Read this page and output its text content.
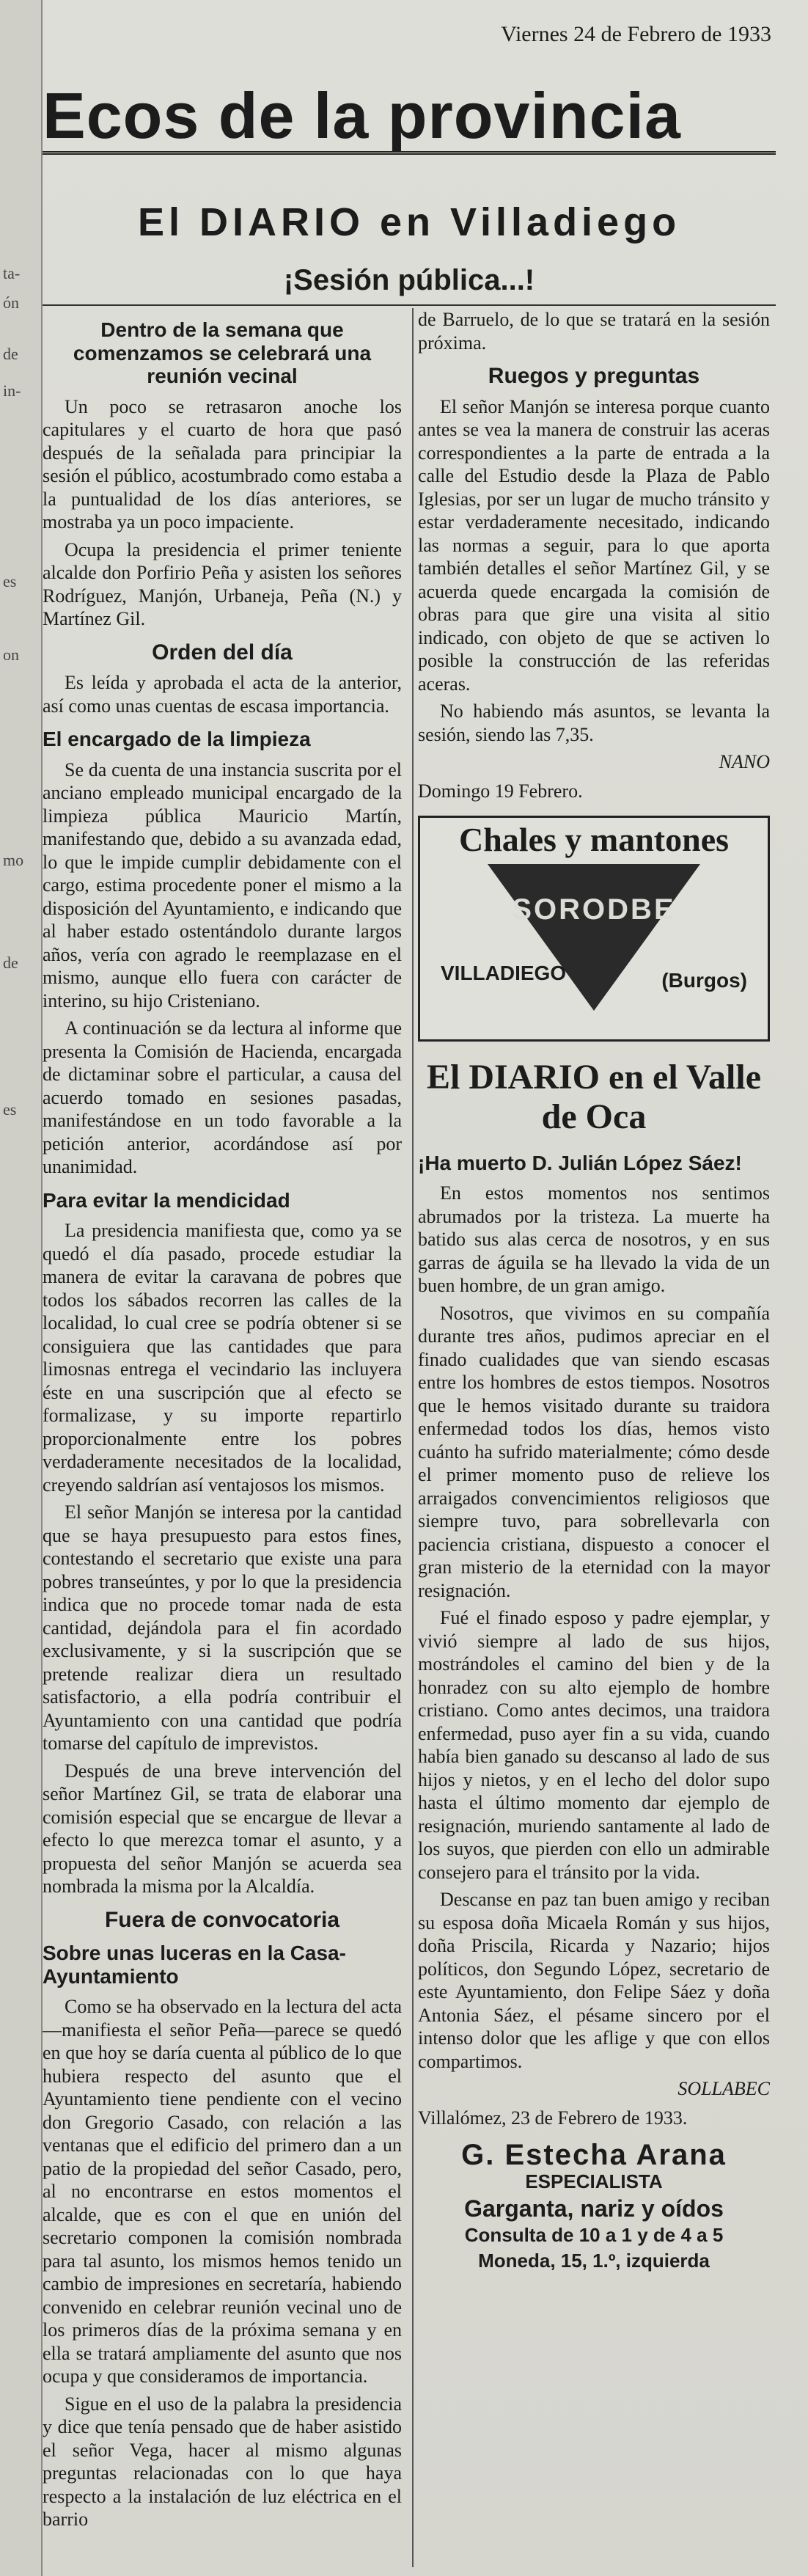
ta-
ón
de
in-
es
on
mo
de
es
Viernes 24 de Febrero de 1933
Ecos de la provincia
El DIARIO en Villadiego
¡Sesión pública...!
Dentro de la semana que comenzamos se celebrará una reunión vecinal

Un poco se retrasaron anoche los capitulares y el cuarto de hora que pasó después de la señalada para principiar la sesión el público, acostumbrado como estaba a la puntualidad de los días anteriores, se mostraba ya un poco impaciente.

Ocupa la presidencia el primer teniente alcalde don Porfirio Peña y asisten los señores Rodríguez, Manjón, Urbaneja, Peña (N.) y Martínez Gil.

Orden del día

Es leída y aprobada el acta de la anterior, así como unas cuentas de escasa importancia.

El encargado de la limpieza

Se da cuenta de una instancia suscrita por el anciano empleado municipal encargado de la limpieza pública Mauricio Martín, manifestando que, debido a su avanzada edad, lo que le impide cumplir debidamente con el cargo, estima procedente poner el mismo a la disposición del Ayuntamiento, e indicando que al haber estado ostentándolo durante largos años, vería con agrado le reemplazase en el mismo, aunque ello fuera con carácter de interino, su hijo Cristeniano.

A continuación se da lectura al informe que presenta la Comisión de Hacienda, encargada de dictaminar sobre el particular, a causa del acuerdo tomado en sesiones pasadas, manifestándose en un todo favorable a la petición anterior, acordándose así por unanimidad.

Para evitar la mendicidad

La presidencia manifiesta que, como ya se quedó el día pasado, procede estudiar la manera de evitar la caravana de pobres que todos los sábados recorren las calles de la localidad, lo cual cree se podría obtener si se consiguiera que las cantidades que para limosnas entrega el vecindario las incluyera éste en una suscripción que al efecto se formalizase, y su importe repartirlo proporcionalmente entre los pobres verdaderamente necesitados de la localidad, creyendo saldrían así ventajosos los mismos.

El señor Manjón se interesa por la cantidad que se haya presupuesto para estos fines, contestando el secretario que existe una para pobres transeúntes, y por lo que la presidencia indica que no procede tomar nada de esta cantidad, dejándola para el fin acordado exclusivamente, y si la suscripción que se pretende realizar diera un resultado satisfactorio, a ella podría contribuir el Ayuntamiento con una cantidad que podría tomarse del capítulo de imprevistos.

Después de una breve intervención del señor Martínez Gil, se trata de elaborar una comisión especial que se encargue de llevar a efecto lo que merezca tomar el asunto, y a propuesta del señor Manjón se acuerda sea nombrada la misma por la Alcaldía.

Fuera de convocatoria
Sobre unas luceras en la Casa-Ayuntamiento

Como se ha observado en la lectura del acta—manifiesta el señor Peña—parece se quedó en que hoy se daría cuenta al público de lo que hubiera respecto del asunto que el Ayuntamiento tiene pendiente con el vecino don Gregorio Casado, con relación a las ventanas que el edificio del primero dan a un patio de la propiedad del señor Casado, pero, al no encontrarse en estos momentos el alcalde, que es con el que en unión del secretario componen la comisión nombrada para tal asunto, los mismos hemos tenido un cambio de impresiones en secretaría, habiendo convenido en celebrar reunión vecinal uno de los primeros días de la próxima semana y en ella se tratará ampliamente del asunto que nos ocupa y que consideramos de importancia.

Sigue en el uso de la palabra la presidencia y dice que tenía pensado que de haber asistido el señor Vega, hacer al mismo algunas preguntas relacionadas con lo que haya respecto a la instalación de luz eléctrica en el barrio

de Barruelo, de lo que se tratará en la sesión próxima.

Ruegos y preguntas

El señor Manjón se interesa porque cuanto antes se vea la manera de construir las aceras correspondientes a la parte de entrada a la calle del Estudio desde la Plaza de Pablo Iglesias, por ser un lugar de mucho tránsito y estar verdaderamente necesitado, indicando las normas a seguir, para lo que aporta también detalles el señor Martínez Gil, y se acuerda quede encargada la comisión de obras para que gire una visita al sitio indicado, con objeto de que se activen lo posible la construcción de las referidas aceras.

No habiendo más asuntos, se levanta la sesión, siendo las 7,35.

NANO

Domingo 19 Febrero.

Chales y mantones
SORODBE
VILLADIEGO	(Burgos)
El DIARIO en el Valle de Oca
¡Ha muerto D. Julián López Sáez!

En estos momentos nos sentimos abrumados por la tristeza. La muerte ha batido sus alas cerca de nosotros, y en sus garras de águila se ha llevado la vida de un buen hombre, de un gran amigo.

Nosotros, que vivimos en su compañía durante tres años, pudimos apreciar en el finado cualidades que van siendo escasas entre los hombres de estos tiempos. Nosotros que le hemos visitado durante su traidora enfermedad todos los días, hemos visto cuánto ha sufrido materialmente; cómo desde el primer momento puso de relieve los arraigados convencimientos religiosos que siempre tuvo, para sobrellevarla con paciencia cristiana, dispuesto a conocer el gran misterio de la eternidad con la mayor resignación.

Fué el finado esposo y padre ejemplar, y vivió siempre al lado de sus hijos, mostrándoles el camino del bien y de la honradez con su alto ejemplo de hombre cristiano. Como antes decimos, una traidora enfermedad, puso ayer fin a su vida, cuando había bien ganado su descanso al lado de sus hijos y nietos, y en el lecho del dolor supo hasta el último momento dar ejemplo de resignación, muriendo santamente al lado de los suyos, que pierden con ello un admirable consejero para el tránsito por la vida.

Descanse en paz tan buen amigo y reciban su esposa doña Micaela Román y sus hijos, doña Priscila, Ricarda y Nazario; hijos políticos, don Segundo López, secretario de este Ayuntamiento, don Felipe Sáez y doña Antonia Sáez, el pésame sincero por el intenso dolor que les aflige y que con ellos compartimos.

SOLLABEC

Villalómez, 23 de Febrero de 1933.

G. Estecha Arana
ESPECIALISTA
Garganta, nariz y oídos
Consulta de 10 a 1 y de 4 a 5
Moneda, 15, 1.º, izquierda
